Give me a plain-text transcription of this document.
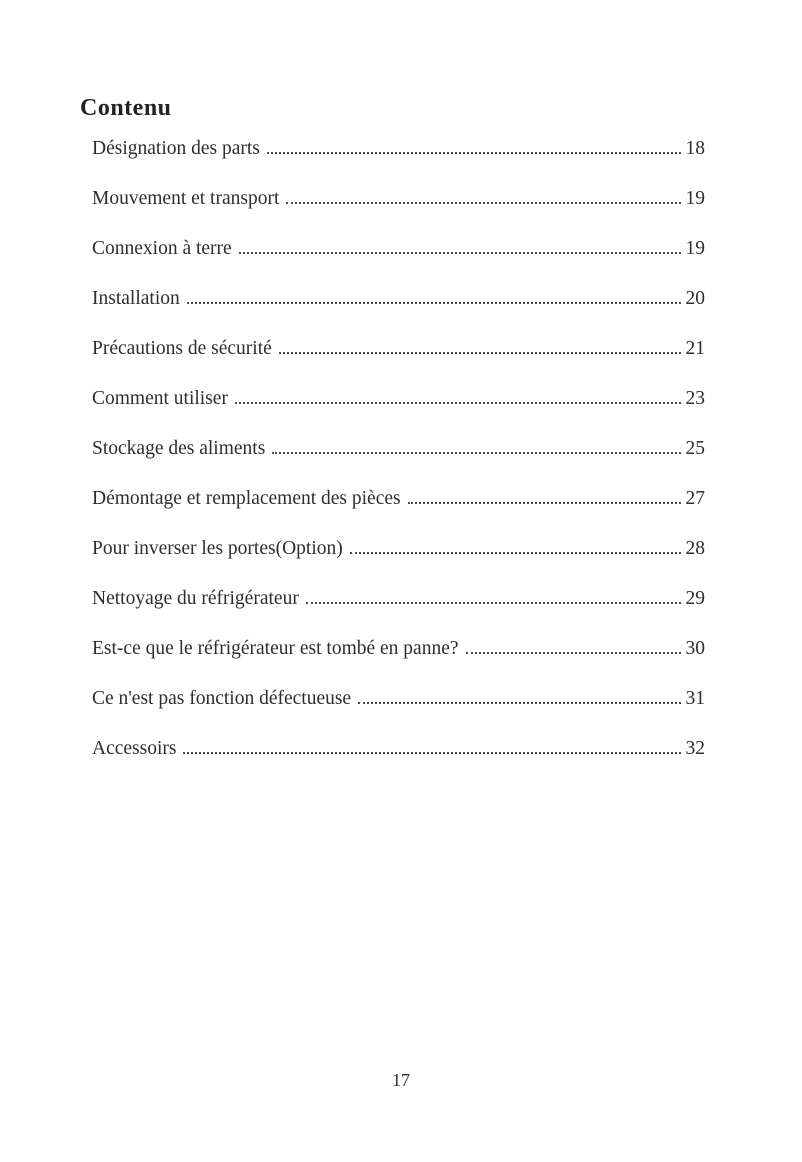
Contenu
Désignation des parts	18
Mouvement et transport	19
Connexion à terre	19
Installation	20
Précautions de sécurité	21
Comment utiliser	23
Stockage des aliments	25
Démontage et remplacement des pièces	27
Pour inverser les portes(Option)	28
Nettoyage du réfrigérateur	29
Est-ce que le réfrigérateur est tombé en panne?	30
Ce n'est pas fonction défectueuse	31
Accessoirs	32
17
